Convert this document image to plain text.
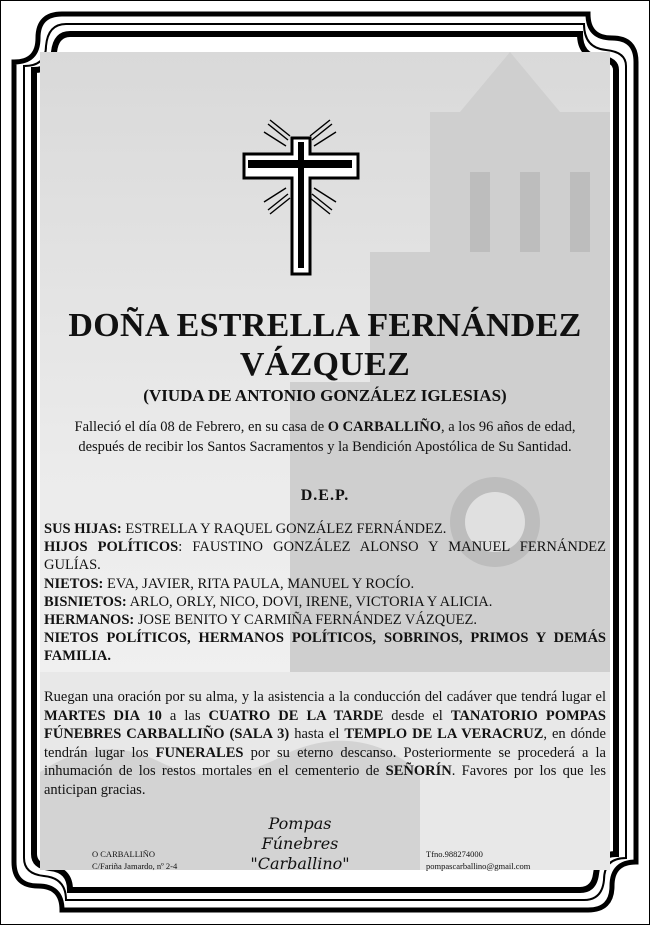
DOÑA ESTRELLA FERNÁNDEZ
VÁZQUEZ
(VIUDA DE ANTONIO GONZÁLEZ IGLESIAS)
Falleció el día 08 de Febrero, en su casa de O CARBALLIÑO, a los 96 años de edad,
después de recibir los Santos Sacramentos y la Bendición Apostólica de Su Santidad.
D.E.P.

SUS HIJAS: ESTRELLA Y RAQUEL GONZÁLEZ FERNÁNDEZ.

HIJOS POLÍTICOS: FAUSTINO GONZÁLEZ ALONSO Y MANUEL FERNÁNDEZ GULÍAS.

NIETOS: EVA, JAVIER, RITA PAULA, MANUEL Y ROCÍO.

BISNIETOS: ARLO, ORLY, NICO, DOVI, IRENE, VICTORIA Y ALICIA.

HERMANOS: JOSE BENITO Y CARMIÑA FERNÁNDEZ VÁZQUEZ.

NIETOS POLÍTICOS, HERMANOS POLÍTICOS, SOBRINOS, PRIMOS Y DEMÁS FAMILIA.

Ruegan una oración por su alma, y la asistencia a la conducción del cadáver que tendrá lugar el MARTES DIA 10 a las CUATRO DE LA TARDE desde el TANATORIO POMPAS FÚNEBRES CARBALLIÑO (SALA 3) hasta el TEMPLO DE LA VERACRUZ, en dónde tendrán lugar los FUNERALES por su eterno descanso. Posteriormente se procederá a la inhumación de los restos mortales en el cementerio de SEÑORÍN. Favores por los que les anticipan gracias.
O CARBALLIÑO
C/Fariña Jamardo, nº 2-4
Pompas Fúnebres
"Carballino"	Tfno.988274000
pompascarballino@gmail.com
